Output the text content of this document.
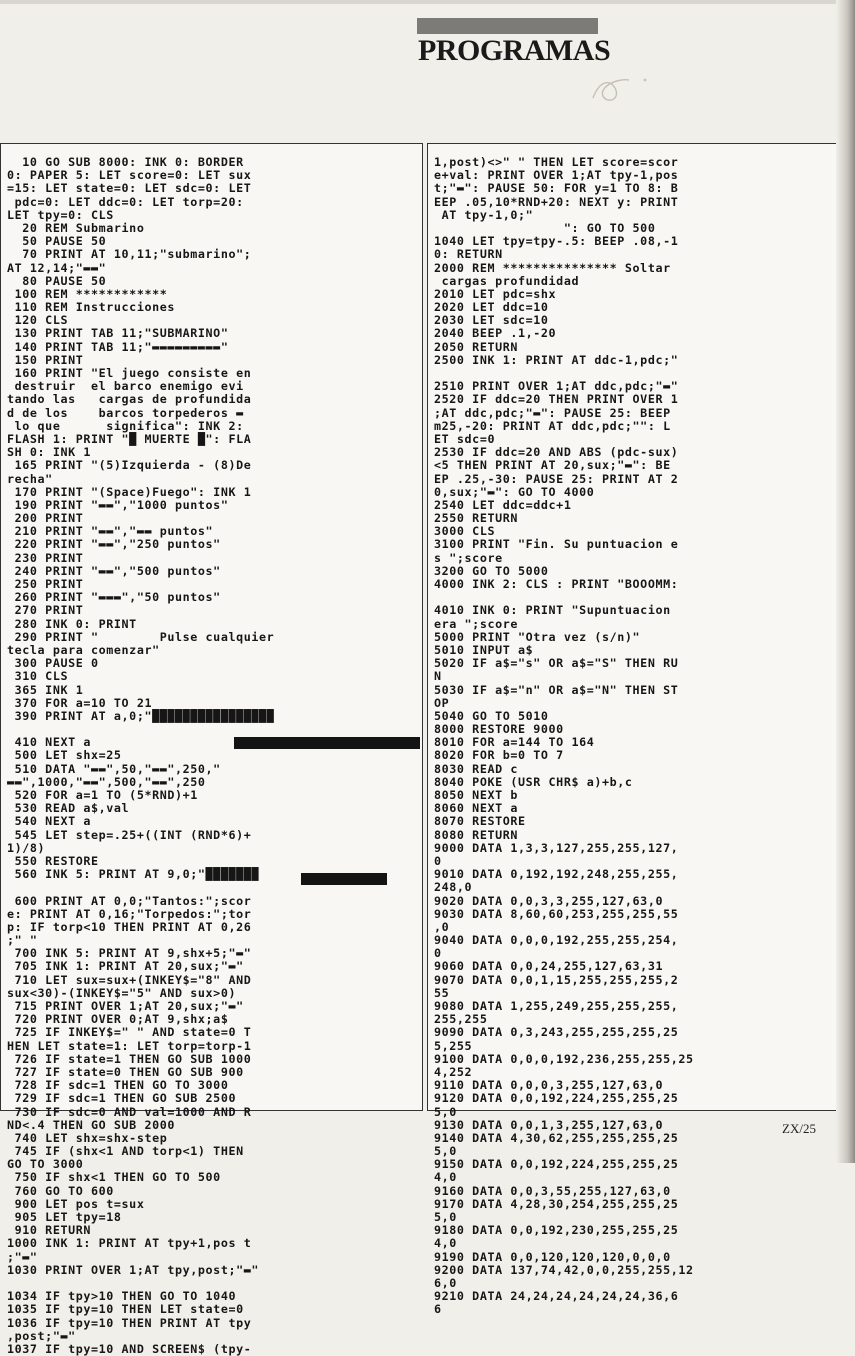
PROGRAMAS
10 GO SUB 8000: INK 0: BORDER
0: PAPER 5: LET score=0: LET sux
=15: LET state=0: LET sdc=0: LET
pdc=0: LET ddc=0: LET torp=20:
LET tpy=0: CLS
20 REM Submarino
50 PAUSE 50
70 PRINT AT 10,11;"submarino";
AT 12,14;"▬▬"
80 PAUSE 50
100 REM ************
110 REM Instrucciones
120 CLS
130 PRINT TAB 11;"SUBMARINO"
140 PRINT TAB 11;"▬▬▬▬▬▬▬▬▬"
150 PRINT
160 PRINT "El juego consiste en
destruir  el barco enemigo evi
tando las   cargas de profundida
d de los    barcos torpederos ▬
lo que      significa": INK 2:
FLASH 1: PRINT "█ MUERTE █": FLA
SH 0: INK 1
165 PRINT "(5)Izquierda - (8)De
recha"
170 PRINT "(Space)Fuego": INK 1
190 PRINT "▬▬","1000 puntos"
200 PRINT
210 PRINT "▬▬","▬▬ puntos"
220 PRINT "▬▬","250 puntos"
230 PRINT
240 PRINT "▬▬","500 puntos"
250 PRINT
260 PRINT "▬▬▬","50 puntos"
270 PRINT
280 INK 0: PRINT
290 PRINT "        Pulse cualquier
tecla para comenzar"
300 PAUSE 0
310 CLS
365 INK 1
370 FOR a=10 TO 21
390 PRINT AT a,0;"████████████████
410 NEXT a
500 LET shx=25
510 DATA "▬▬",50,"▬▬",250,"
▬▬",1000,"▬▬",500,"▬▬",250
520 FOR a=1 TO (5*RND)+1
530 READ a$,val
540 NEXT a
545 LET step=.25+((INT (RND*6)+
1)/8)
550 RESTORE
560 INK 5: PRINT AT 9,0;"███████
600 PRINT AT 0,0;"Tantos:";scor
e: PRINT AT 0,16;"Torpedos:";tor
p: IF torp<10 THEN PRINT AT 0,26
;" "
700 INK 5: PRINT AT 9,shx+5;"▬"
705 INK 1: PRINT AT 20,sux;"▬"
710 LET sux=sux+(INKEY$="8" AND
sux<30)-(INKEY$="5" AND sux>0)
715 PRINT OVER 1;AT 20,sux;"▬"
720 PRINT OVER 0;AT 9,shx;a$
725 IF INKEY$=" " AND state=0 T
HEN LET state=1: LET torp=torp-1
726 IF state=1 THEN GO SUB 1000
727 IF state=0 THEN GO SUB 900
728 IF sdc=1 THEN GO TO 3000
729 IF sdc=1 THEN GO SUB 2500
730 IF sdc=0 AND val=1000 AND R
ND<.4 THEN GO SUB 2000
740 LET shx=shx-step
745 IF (shx<1 AND torp<1) THEN
GO TO 3000
750 IF shx<1 THEN GO TO 500
760 GO TO 600
900 LET pos t=sux
905 LET tpy=18
910 RETURN
1000 INK 1: PRINT AT tpy+1,pos t
;"▬"
1030 PRINT OVER 1;AT tpy,post;"▬"
1034 IF tpy>10 THEN GO TO 1040
1035 IF tpy=10 THEN LET state=0
1036 IF tpy=10 THEN PRINT AT tpy
,post;"▬"
1037 IF tpy=10 AND SCREEN$ (tpy-
1,post)<>" " THEN LET score=scor
e+val: PRINT OVER 1;AT tpy-1,pos
t;"▬": PAUSE 50: FOR y=1 TO 8: B
EEP .05,10*RND+20: NEXT y: PRINT
AT tpy-1,0;"
": GO TO 500
1040 LET tpy=tpy-.5: BEEP .08,-1
0: RETURN
2000 REM *************** Soltar
cargas profundidad
2010 LET pdc=shx
2020 LET ddc=10
2030 LET sdc=10
2040 BEEP .1,-20
2050 RETURN
2500 INK 1: PRINT AT ddc-1,pdc;"
2510 PRINT OVER 1;AT ddc,pdc;"▬"
2520 IF ddc=20 THEN PRINT OVER 1
;AT ddc,pdc;"▬": PAUSE 25: BEEP
m25,-20: PRINT AT ddc,pdc;"": L
ET sdc=0
2530 IF ddc=20 AND ABS (pdc-sux)
<5 THEN PRINT AT 20,sux;"▬": BE
EP .25,-30: PAUSE 25: PRINT AT 2
0,sux;"▬": GO TO 4000
2540 LET ddc=ddc+1
2550 RETURN
3000 CLS
3100 PRINT "Fin. Su puntuacion e
s ";score
3200 GO TO 5000
4000 INK 2: CLS : PRINT "BOOOMM:
4010 INK 0: PRINT "Supuntuacion
era ";score
5000 PRINT "Otra vez (s/n)"
5010 INPUT a$
5020 IF a$="s" OR a$="S" THEN RU
N
5030 IF a$="n" OR a$="N" THEN ST
OP
5040 GO TO 5010
8000 RESTORE 9000
8010 FOR a=144 TO 164
8020 FOR b=0 TO 7
8030 READ c
8040 POKE (USR CHR$ a)+b,c
8050 NEXT b
8060 NEXT a
8070 RESTORE
8080 RETURN
9000 DATA 1,3,3,127,255,255,127,
0
9010 DATA 0,192,192,248,255,255,
248,0
9020 DATA 0,0,3,3,255,127,63,0
9030 DATA 8,60,60,253,255,255,55
,0
9040 DATA 0,0,0,192,255,255,254,
0
9060 DATA 0,0,24,255,127,63,31
9070 DATA 0,0,1,15,255,255,255,2
55
9080 DATA 1,255,249,255,255,255,
255,255
9090 DATA 0,3,243,255,255,255,25
5,255
9100 DATA 0,0,0,192,236,255,255,25
4,252
9110 DATA 0,0,0,3,255,127,63,0
9120 DATA 0,0,192,224,255,255,25
5,0
9130 DATA 0,0,1,3,255,127,63,0
9140 DATA 4,30,62,255,255,255,25
5,0
9150 DATA 0,0,192,224,255,255,25
4,0
9160 DATA 0,0,3,55,255,127,63,0
9170 DATA 4,28,30,254,255,255,25
5,0
9180 DATA 0,0,192,230,255,255,25
4,0
9190 DATA 0,0,120,120,120,0,0,0
9200 DATA 137,74,42,0,0,255,255,12
6,0
9210 DATA 24,24,24,24,24,24,36,6
6
ZX/25
